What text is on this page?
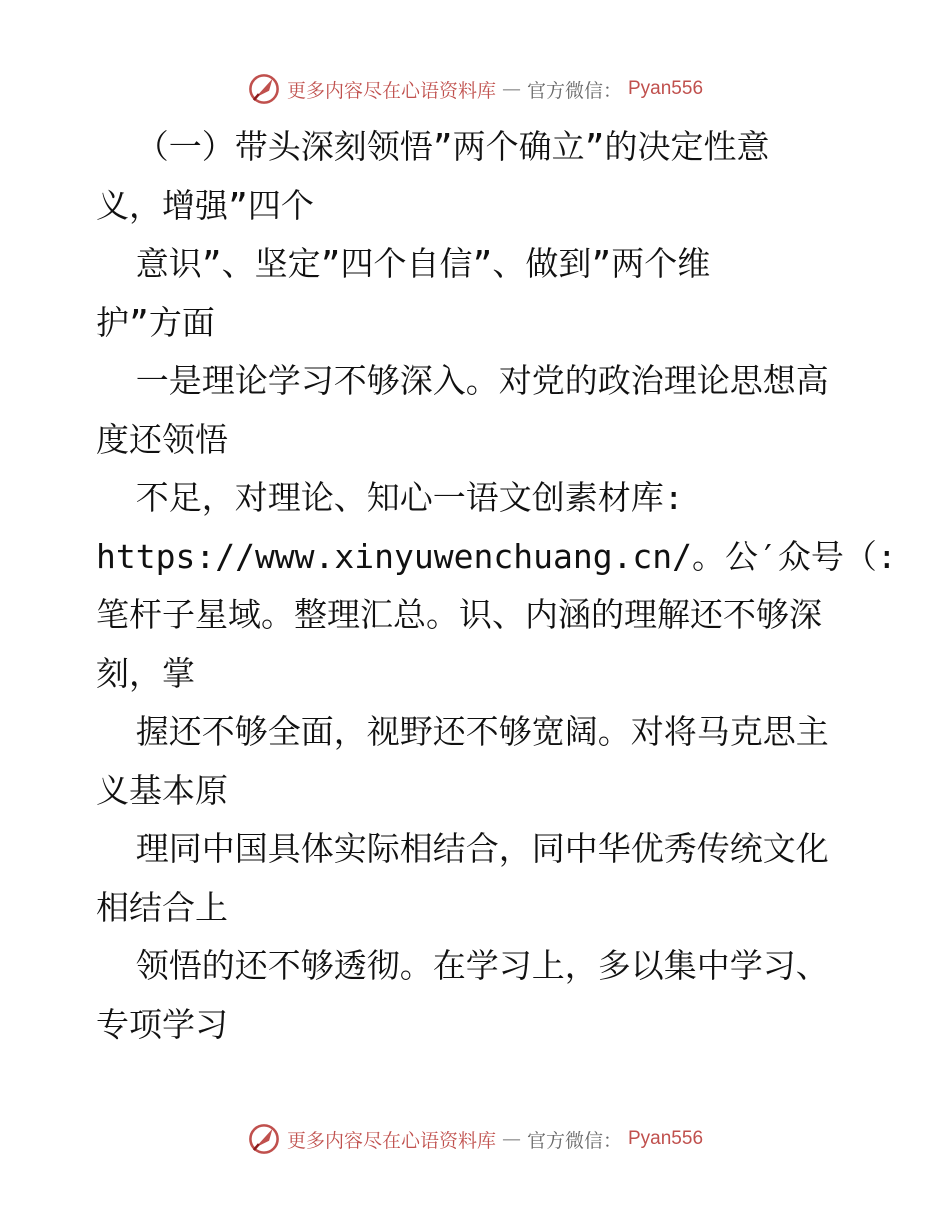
更多内容尽在心语资料库 — 官方微信： Pyan556
（一）带头深刻领悟”两个确立”的决定性意
义，增强”四个
意识”、坚定”四个自信”、做到”两个维
护”方面
一是理论学习不够深入。对党的政治理论思想高
度还领悟
不足，对理论、知心一语文创素材库:
https://www.xinyuwenchuang.cn/。公′众号（:
笔杆子星域。整理汇总。识、内涵的理解还不够深
刻，掌
握还不够全面，视野还不够宽阔。对将马克思主
义基本原
理同中国具体实际相结合，同中华优秀传统文化
相结合上
领悟的还不够透彻。在学习上，多以集中学习、
专项学习
更多内容尽在心语资料库 — 官方微信： Pyan556
